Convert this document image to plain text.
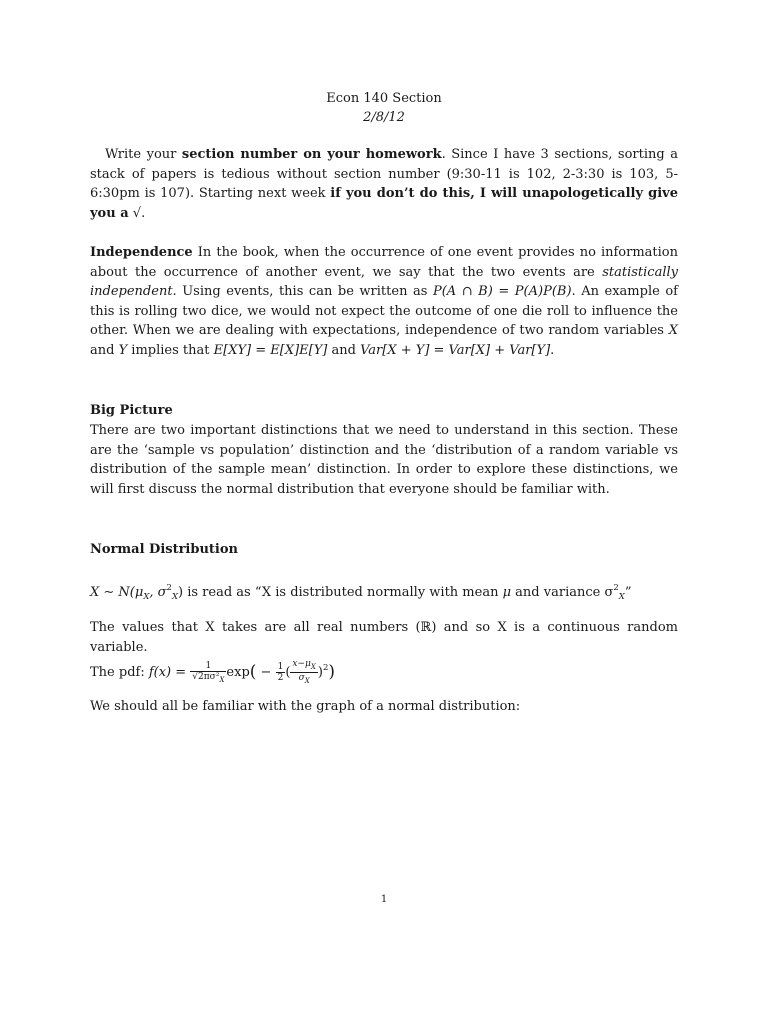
Econ 140 Section
2/8/12
Write your section number on your homework. Since I have 3 sections, sorting a stack of papers is tedious without section number (9:30-11 is 102, 2-3:30 is 103, 5-6:30pm is 107). Starting next week if you don’t do this, I will unapologetically give you a √.
Independence In the book, when the occurrence of one event provides no information about the occurrence of another event, we say that the two events are statistically independent. Using events, this can be written as P(A ∩ B) = P(A)P(B). An example of this is rolling two dice, we would not expect the outcome of one die roll to influence the other. When we are dealing with expectations, independence of two random variables X and Y implies that E[XY] = E[X]E[Y] and Var[X + Y] = Var[X] + Var[Y].
Big Picture
There are two important distinctions that we need to understand in this section. These are the ‘sample vs population’ distinction and the ‘distribution of a random variable vs distribution of the sample mean’ distinction. In order to explore these distinctions, we will first discuss the normal distribution that everyone should be familiar with.
Normal Distribution
X ∼ $N(\mu_X$, $\sigma^2_X$) is read as “X is distributed normally with mean μ and variance $\sigma^2_X$”
The values that X takes are all real numbers (ℝ) and so X is a continuous random variable.
The pdf: $f(x) = \frac{1}{√2\pi\sigma^2_X} \exp( - \frac{1}{2}$ ( $\frac{x-\mu_X}{\sigma_X} )^2$)
We should all be familiar with the graph of a normal distribution:
1
